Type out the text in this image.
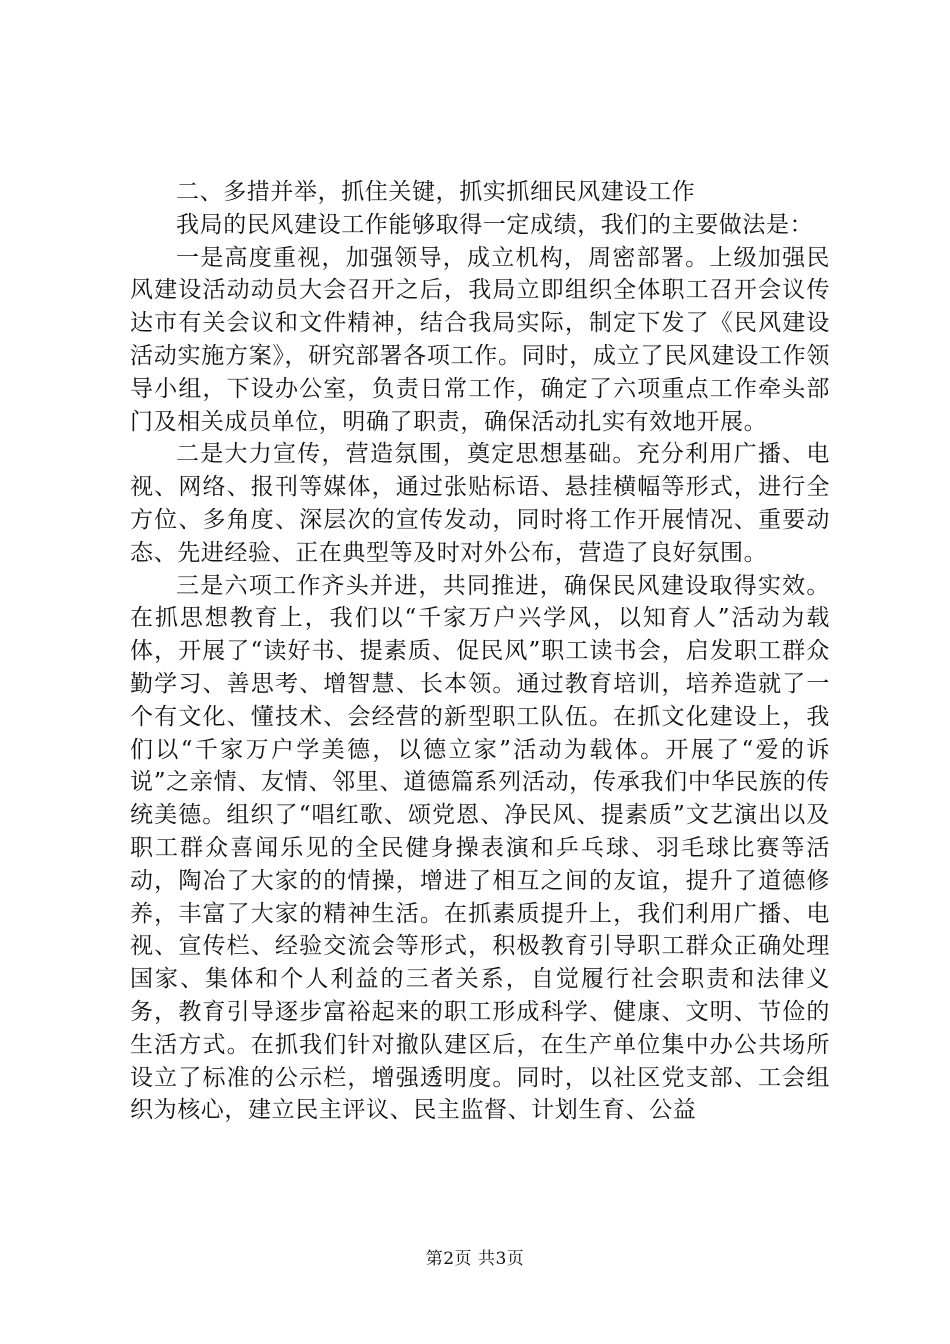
二、多措并举，抓住关键，抓实抓细民风建设工作

我局的民风建设工作能够取得一定成绩，我们的主要做法是：

一是高度重视，加强领导，成立机构，周密部署。上级加强民风建设活动动员大会召开之后，我局立即组织全体职工召开会议传达市有关会议和文件精神，结合我局实际，制定下发了《民风建设活动实施方案》，研究部署各项工作。同时，成立了民风建设工作领导小组，下设办公室，负责日常工作，确定了六项重点工作牵头部门及相关成员单位，明确了职责，确保活动扎实有效地开展。

二是大力宣传，营造氛围，奠定思想基础。充分利用广播、电视、网络、报刊等媒体，通过张贴标语、悬挂横幅等形式，进行全方位、多角度、深层次的宣传发动，同时将工作开展情况、重要动态、先进经验、正在典型等及时对外公布，营造了良好氛围。

三是六项工作齐头并进，共同推进，确保民风建设取得实效。在抓思想教育上，我们以“千家万户兴学风，以知育人”活动为载体，开展了“读好书、提素质、促民风”职工读书会，启发职工群众勤学习、善思考、增智慧、长本领。通过教育培训，培养造就了一个有文化、懂技术、会经营的新型职工队伍。在抓文化建设上，我们以“千家万户学美德，以德立家”活动为载体。开展了“爱的诉说”之亲情、友情、邻里、道德篇系列活动，传承我们中华民族的传统美德。组织了“唱红歌、颂党恩、净民风、提素质”文艺演出以及职工群众喜闻乐见的全民健身操表演和乒乓球、羽毛球比赛等活动，陶冶了大家的的情操，增进了相互之间的友谊，提升了道德修养，丰富了大家的精神生活。在抓素质提升上，我们利用广播、电视、宣传栏、经验交流会等形式，积极教育引导职工群众正确处理国家、集体和个人利益的三者关系，自觉履行社会职责和法律义务，教育引导逐步富裕起来的职工形成科学、健康、文明、节俭的生活方式。在抓我们针对撤队建区后，在生产单位集中办公共场所设立了标准的公示栏，增强透明度。同时，以社区党支部、工会组织为核心，建立民主评议、民主监督、计划生育、公益

第2页 共3页
